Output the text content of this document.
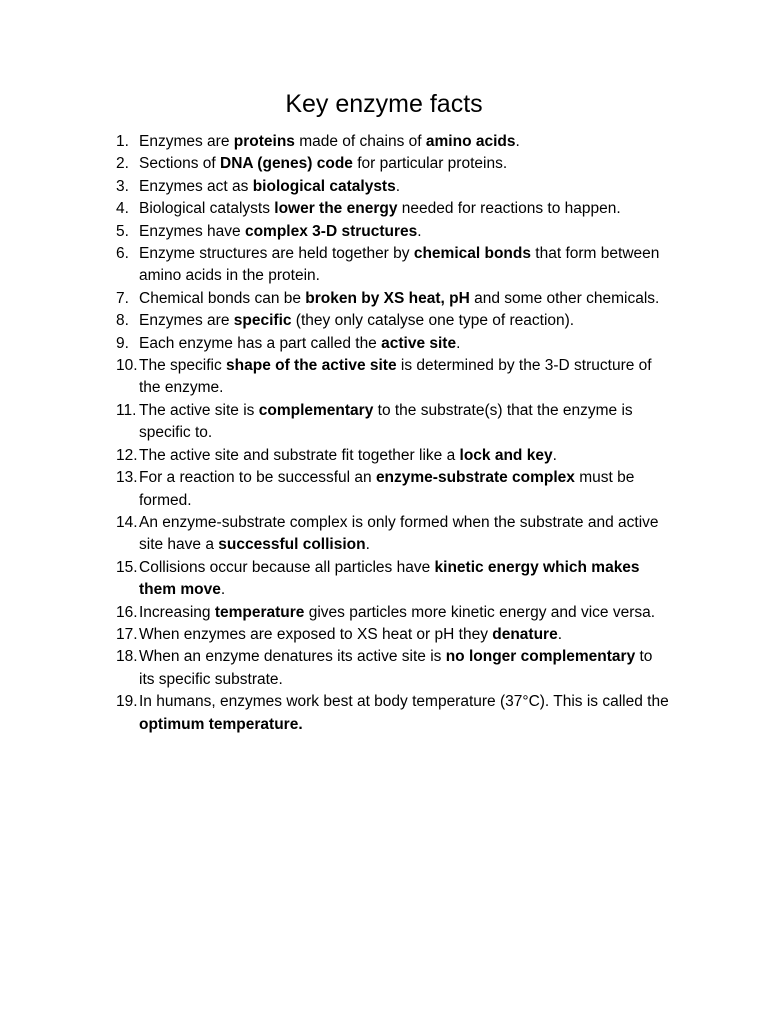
Key enzyme facts
1. Enzymes are proteins made of chains of amino acids.
2. Sections of DNA (genes) code for particular proteins.
3. Enzymes act as biological catalysts.
4. Biological catalysts lower the energy needed for reactions to happen.
5. Enzymes have complex 3-D structures.
6. Enzyme structures are held together by chemical bonds that form between amino acids in the protein.
7. Chemical bonds can be broken by XS heat, pH and some other chemicals.
8. Enzymes are specific (they only catalyse one type of reaction).
9. Each enzyme has a part called the active site.
10. The specific shape of the active site is determined by the 3-D structure of the enzyme.
11. The active site is complementary to the substrate(s) that the enzyme is specific to.
12. The active site and substrate fit together like a lock and key.
13. For a reaction to be successful an enzyme-substrate complex must be formed.
14. An enzyme-substrate complex is only formed when the substrate and active site have a successful collision.
15. Collisions occur because all particles have kinetic energy which makes them move.
16. Increasing temperature gives particles more kinetic energy and vice versa.
17. When enzymes are exposed to XS heat or pH they denature.
18. When an enzyme denatures its active site is no longer complementary to its specific substrate.
19. In humans, enzymes work best at body temperature (37°C). This is called the optimum temperature.
